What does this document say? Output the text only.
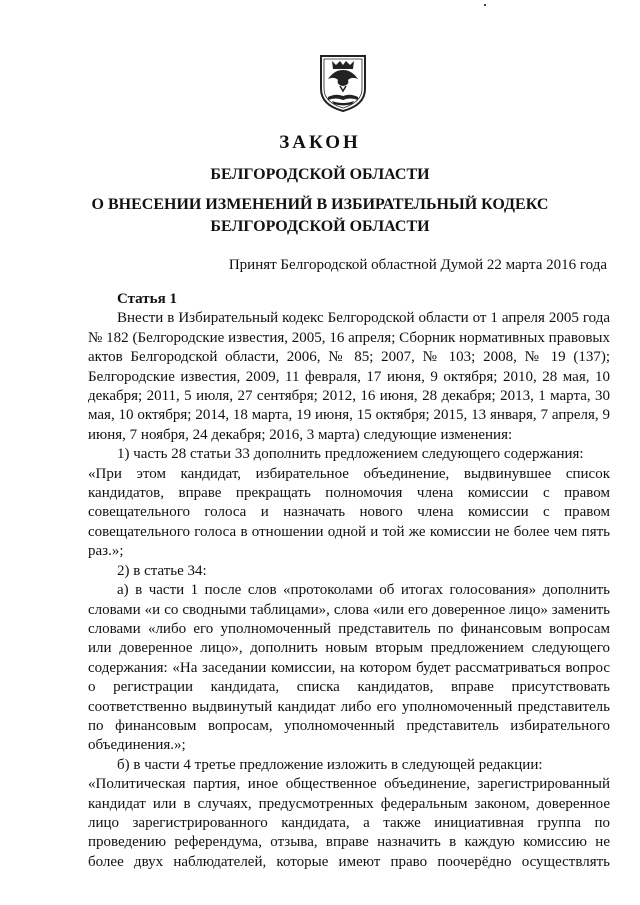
ЗАКОН
БЕЛГОРОДСКОЙ ОБЛАСТИ
О ВНЕСЕНИИ ИЗМЕНЕНИЙ В ИЗБИРАТЕЛЬНЫЙ КОДЕКС
БЕЛГОРОДСКОЙ ОБЛАСТИ
Принят Белгородской областной Думой 22 марта 2016 года

Статья 1

Внести в Избирательный кодекс Белгородской области от 1 апреля 2005 года № 182 (Белгородские известия, 2005, 16 апреля; Сборник нормативных правовых актов Белгородской области, 2006, № 85; 2007, № 103; 2008, № 19 (137); Белгородские известия, 2009, 11 февраля, 17 июня, 9 октября; 2010, 28 мая, 10 декабря; 2011, 5 июля, 27 сентября; 2012, 16 июня, 28 декабря; 2013, 1 марта, 30 мая, 10 октября; 2014, 18 марта, 19 июня, 15 октября; 2015, 13 января, 7 апреля, 9 июня, 7 ноября, 24 декабря; 2016, 3 марта) следующие изменения:

1) часть 28 статьи 33 дополнить предложением следующего содержания:

«При этом кандидат, избирательное объединение, выдвинувшее список кандидатов, вправе прекращать полномочия члена комиссии с правом совещательного голоса и назначать нового члена комиссии с правом совещательного голоса в отношении одной и той же комиссии не более чем пять раз.»;

2) в статье 34:

а) в части 1 после слов «протоколами об итогах голосования» дополнить словами «и со сводными таблицами», слова «или его доверенное лицо» заменить словами «либо его уполномоченный представитель по финансовым вопросам или доверенное лицо», дополнить новым вторым предложением следующего содержания: «На заседании комиссии, на котором будет рассматриваться вопрос о регистрации кандидата, списка кандидатов, вправе присутствовать соответственно выдвинутый кандидат либо его уполномоченный представитель по финансовым вопросам, уполномоченный представитель избирательного объединения.»;

б) в части 4 третье предложение изложить в следующей редакции:

«Политическая партия, иное общественное объединение, зарегистрированный кандидат или в случаях, предусмотренных федеральным законом, доверенное лицо зарегистрированного кандидата, а также инициативная группа по проведению референдума, отзыва, вправе назначить в каждую комиссию не более двух наблюдателей, которые имеют право поочерёдно осуществлять
